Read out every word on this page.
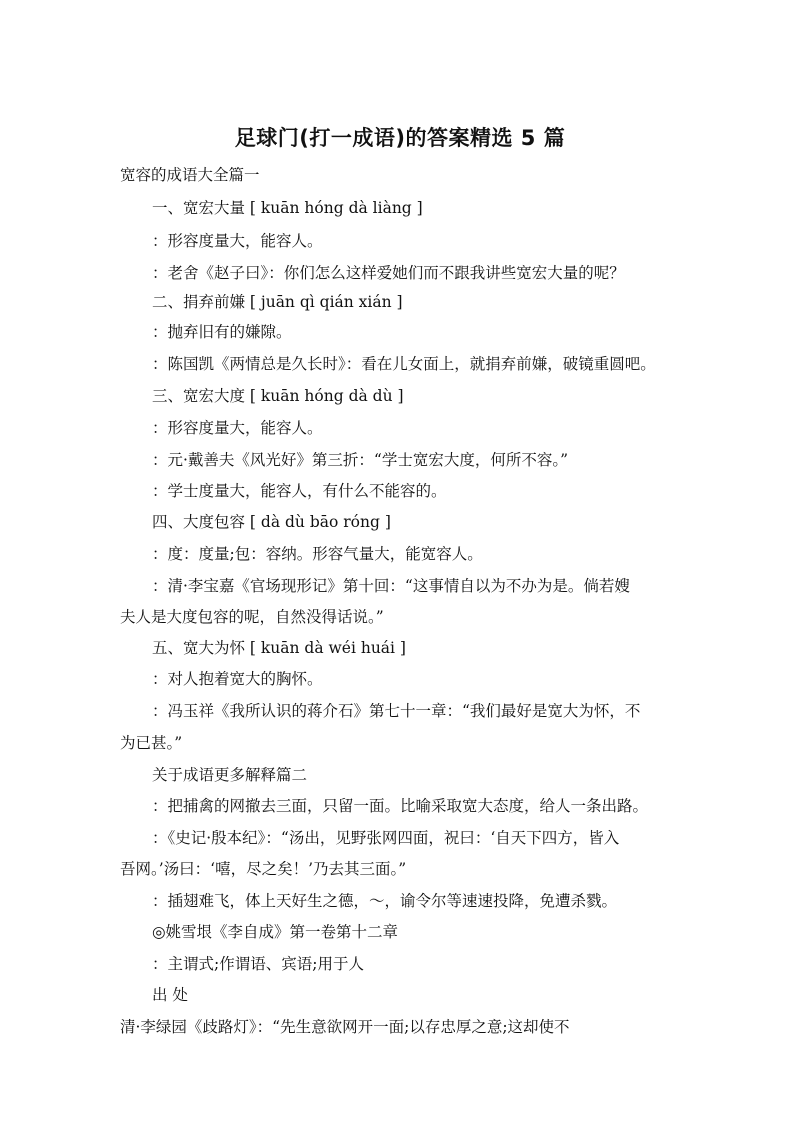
足球门(打一成语)的答案精选 5 篇
宽容的成语大全篇一
一、宽宏大量 [ kuān hóng dà liàng ]
：形容度量大，能容人。
：老舍《赵子曰》：你们怎么这样爱她们而不跟我讲些宽宏大量的呢？
二、捐弃前嫌 [ juān qì qián xián ]
：抛弃旧有的嫌隙。
：陈国凯《两情总是久长时》：看在儿女面上，就捐弃前嫌，破镜重圆吧。
三、宽宏大度 [ kuān hóng dà dù ]
：形容度量大，能容人。
：元·戴善夫《风光好》第三折：“学士宽宏大度，何所不容。”
：学士度量大，能容人，有什么不能容的。
四、大度包容 [ dà dù bāo róng ]
：度：度量;包：容纳。形容气量大，能宽容人。
：清·李宝嘉《官场现形记》第十回：“这事情自以为不办为是。倘若嫂
夫人是大度包容的呢，自然没得话说。”
五、宽大为怀 [ kuān dà wéi huái ]
：对人抱着宽大的胸怀。
：冯玉祥《我所认识的蒋介石》第七十一章：“我们最好是宽大为怀，不
为已甚。”
关于成语更多解释篇二
：把捕禽的网撤去三面，只留一面。比喻采取宽大态度，给人一条出路。
：《史记·殷本纪》：“汤出，见野张网四面，祝曰：‘自天下四方，皆入
吾网。’汤曰：‘嘻，尽之矣！’乃去其三面。”
：插翅难飞，体上天好生之德，～，谕令尔等速速投降，免遭杀戮。
◎姚雪垠《李自成》第一卷第十二章
：主谓式;作谓语、宾语;用于人
出 处
清·李绿园《歧路灯》：“先生意欲网开一面;以存忠厚之意;这却使不
